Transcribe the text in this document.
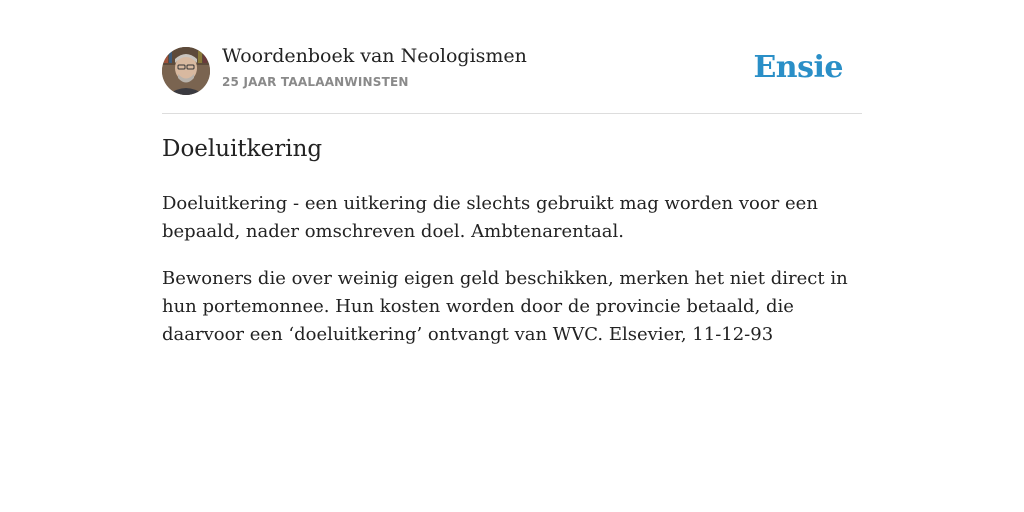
Woordenboek van Neologismen
25 JAAR TAALAANWINSTEN	Ensie
Doeluitkering

Doeluitkering - een uitkering die slechts gebruikt mag worden voor een bepaald, nader omschreven doel. Ambtenarentaal.

Bewoners die over weinig eigen geld beschikken, merken het niet direct in hun portemonnee. Hun kosten worden door de provincie betaald, die daarvoor een ‘doeluitkering’ ontvangt van WVC. Elsevier, 11-12-93
